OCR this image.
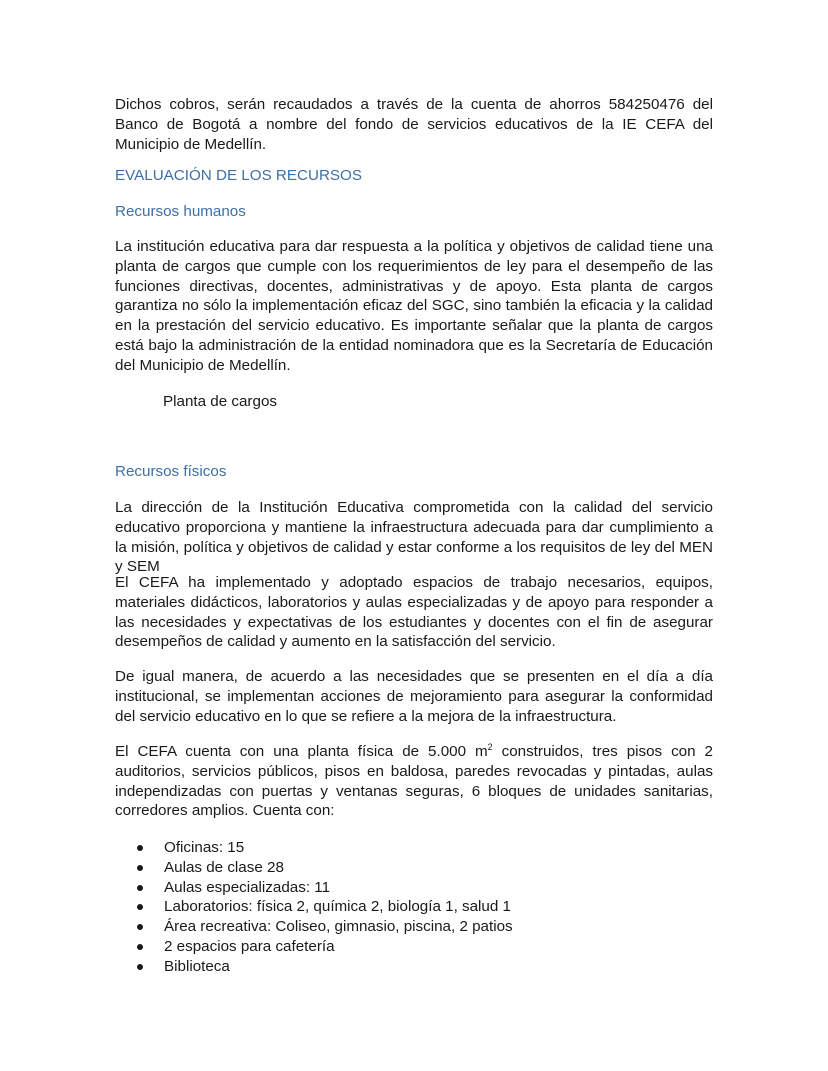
Dichos cobros, serán recaudados a través de la cuenta de ahorros 584250476 del Banco de Bogotá a nombre del fondo de servicios educativos de la IE CEFA del Municipio de Medellín.
EVALUACIÓN DE LOS RECURSOS
Recursos humanos
La institución educativa para dar respuesta a la política y objetivos de calidad tiene una planta de cargos que cumple con los requerimientos de ley para el desempeño de las funciones directivas, docentes, administrativas y de apoyo. Esta planta de cargos garantiza no sólo la implementación eficaz del SGC, sino también la eficacia y la calidad en la prestación del servicio educativo. Es importante señalar que la planta de cargos está bajo la administración de la entidad nominadora que es la Secretaría de Educación del Municipio de Medellín.
Planta de cargos
Recursos físicos
La dirección de la Institución Educativa comprometida con la calidad del servicio educativo proporciona y mantiene la infraestructura adecuada para dar cumplimiento a la misión, política y objetivos de calidad y estar conforme a los requisitos de ley del MEN y SEM
El CEFA ha implementado y adoptado espacios de trabajo necesarios, equipos, materiales didácticos, laboratorios y aulas especializadas y de apoyo para responder a las necesidades y expectativas de los estudiantes y docentes con el fin de asegurar desempeños de calidad y aumento en la satisfacción del servicio.
De igual manera, de acuerdo a las necesidades que se presenten en el día a día institucional, se implementan acciones de mejoramiento para asegurar la conformidad del servicio educativo en lo que se refiere a la mejora de la infraestructura.
El CEFA cuenta con una planta física de 5.000 $m^2$ construidos, tres pisos con 2 auditorios, servicios públicos, pisos en baldosa, paredes revocadas y pintadas, aulas independizadas con puertas y ventanas seguras, 6 bloques de unidades sanitarias, corredores amplios. Cuenta con:
Oficinas: 15
Aulas de clase 28
Aulas especializadas: 11
Laboratorios: física 2, química 2, biología 1, salud 1
Área recreativa: Coliseo, gimnasio, piscina, 2 patios
2 espacios para cafetería
Biblioteca
